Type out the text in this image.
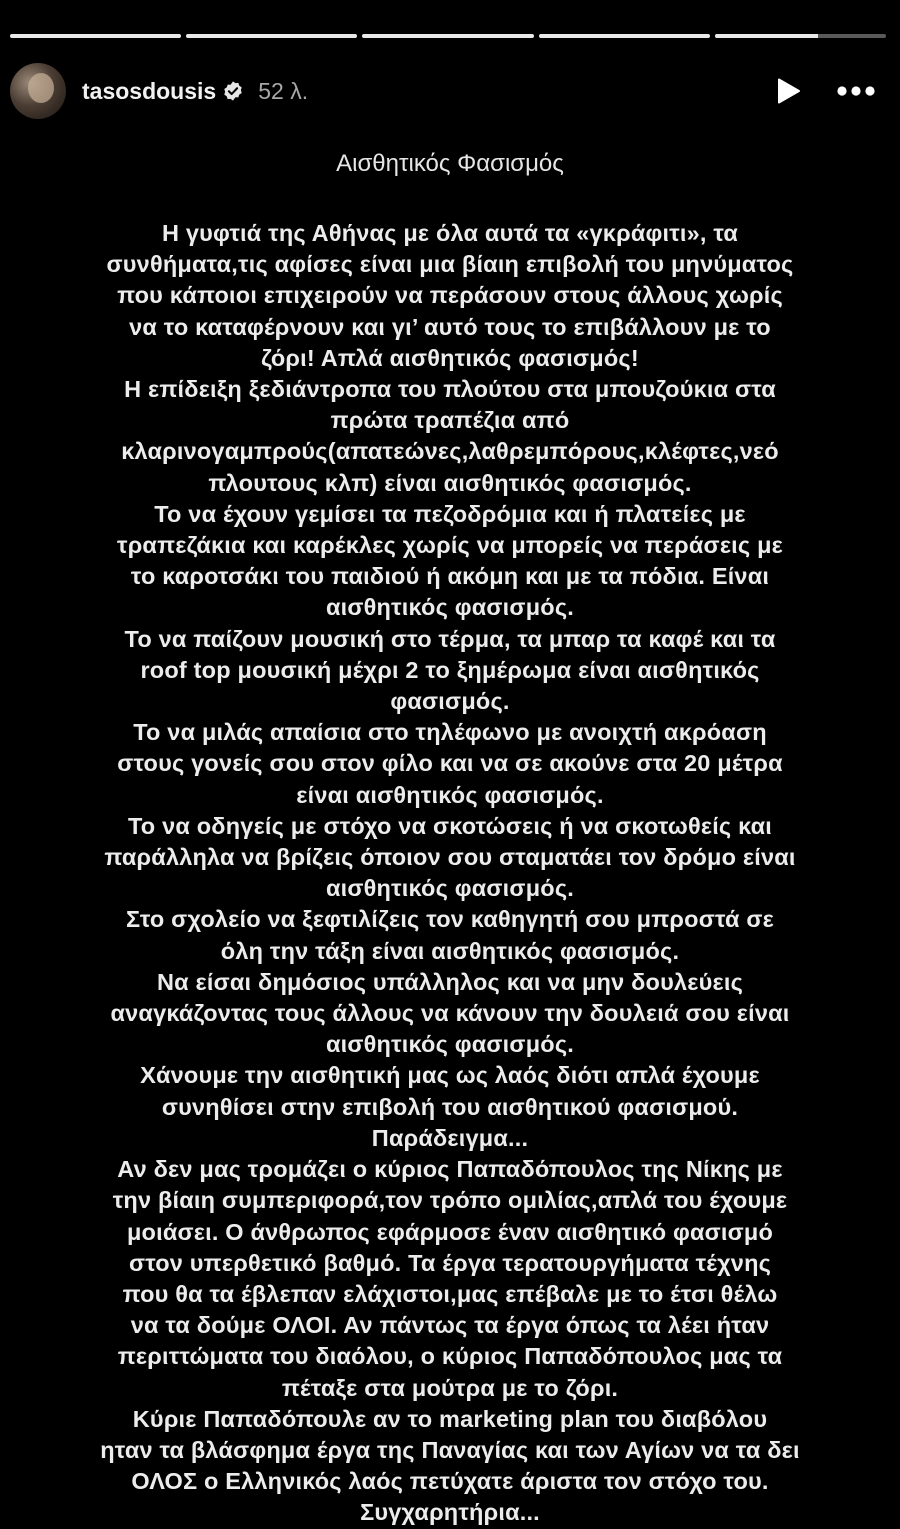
tasosdousis 52 λ.
Αισθητικός Φασισμός
Η γυφτιά της Αθήνας με όλα αυτά τα «γκράφιτι», τα
συνθήματα,τις αφίσες είναι μια βίαιη επιβολή του μηνύματος
που κάποιοι επιχειρούν να περάσουν στους άλλους χωρίς
να το καταφέρνουν και γι’ αυτό τους το επιβάλλουν με το
ζόρι! Απλά αισθητικός φασισμός!
Η επίδειξη ξεδιάντροπα του πλούτου στα μπουζούκια στα
πρώτα τραπέζια από
κλαρινογαμπρούς(απατεώνες,λαθρεμπόρους,κλέφτες,νεό
πλουτους κλπ) είναι αισθητικός φασισμός.
Το να έχουν γεμίσει τα πεζοδρόμια και ή πλατείες με
τραπεζάκια και καρέκλες χωρίς να μπορείς να περάσεις με
το καροτσάκι του παιδιού ή ακόμη και με τα πόδια. Είναι
αισθητικός φασισμός.
Το να παίζουν μουσική στο τέρμα, τα μπαρ τα καφέ και τα
roof top μουσική μέχρι 2 το ξημέρωμα είναι αισθητικός
φασισμός.
Το να μιλάς απαίσια στο τηλέφωνο με ανοιχτή ακρόαση
στους γονείς σου στον φίλο και να σε ακούνε στα 20 μέτρα
είναι αισθητικός φασισμός.
Το να οδηγείς με στόχο να σκοτώσεις ή να σκοτωθείς και
παράλληλα να βρίζεις όποιον σου σταματάει τον δρόμο είναι
αισθητικός φασισμός.
Στο σχολείο να ξεφτιλίζεις τον καθηγητή σου μπροστά σε
όλη την τάξη είναι αισθητικός φασισμός.
Να είσαι δημόσιος υπάλληλος και να μην δουλεύεις
αναγκάζοντας τους άλλους να κάνουν την δουλειά σου είναι
αισθητικός φασισμός.
Χάνουμε την αισθητική μας ως λαός διότι απλά έχουμε
συνηθίσει στην επιβολή του αισθητικού φασισμού.
Παράδειγμα...
Αν δεν μας τρομάζει ο κύριος Παπαδόπουλος της Νίκης με
την βίαιη συμπεριφορά,τον τρόπο ομιλίας,απλά του έχουμε
μοιάσει. Ο άνθρωπος εφάρμοσε έναν αισθητικό φασισμό
στον υπερθετικό βαθμό. Τα έργα τερατουργήματα τέχνης
που θα τα έβλεπαν ελάχιστοι,μας επέβαλε με το έτσι θέλω
να τα δούμε ΟΛΟΙ. Αν πάντως τα έργα όπως τα λέει ήταν
περιττώματα του διαόλου, ο κύριος Παπαδόπουλος μας τα
πέταξε στα μούτρα με το ζόρι.
Κύριε Παπαδόπουλε αν το marketing plan του διαβόλου
ηταν τα βλάσφημα έργα της Παναγίας και των Αγίων να τα δει
ΟΛΟΣ ο Ελληνικός λαός πετύχατε άριστα τον στόχο του.
Συγχαρητήρια...
